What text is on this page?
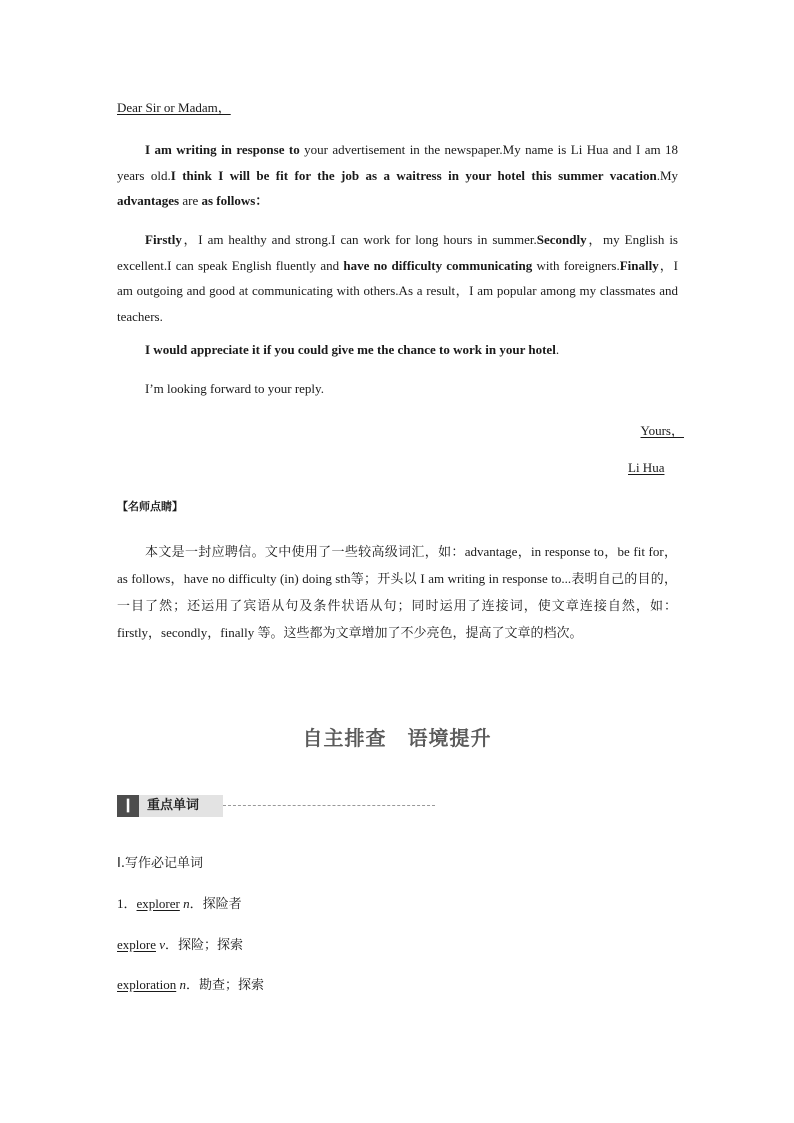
Dear Sir or Madam，
I am writing in response to your advertisement in the newspaper.My name is Li Hua and I am 18 years old.I think I will be fit for the job as a waitress in your hotel this summer vacation.My advantages are as follows：
Firstly，I am healthy and strong.I can work for long hours in summer.Secondly，my English is excellent.I can speak English fluently and have no difficulty communicating with foreigners.Finally，I am outgoing and good at communicating with others.As a result，I am popular among my classmates and teachers.
I would appreciate it if you could give me the chance to work in your hotel.
I’m looking forward to your reply.
Yours，
Li Hua
【名师点睛】
本文是一封应聘信。文中使用了一些较高级词汇，如：advantage，in response to，be fit for，as follows，have no difficulty (in) doing sth等；开头以 I am writing in response to...表明自己的目的，一目了然；还运用了宾语从句及条件状语从句；同时运用了连接词，使文章连接自然，如：firstly，secondly，finally 等。这些都为文章增加了不少亮色，提高了文章的档次。
自主排查　语境提升
Ⅰ	重点单词
Ⅰ.写作必记单词
1．explorer n．探险者
explore v．探险；探索
exploration n．勘查；探索
